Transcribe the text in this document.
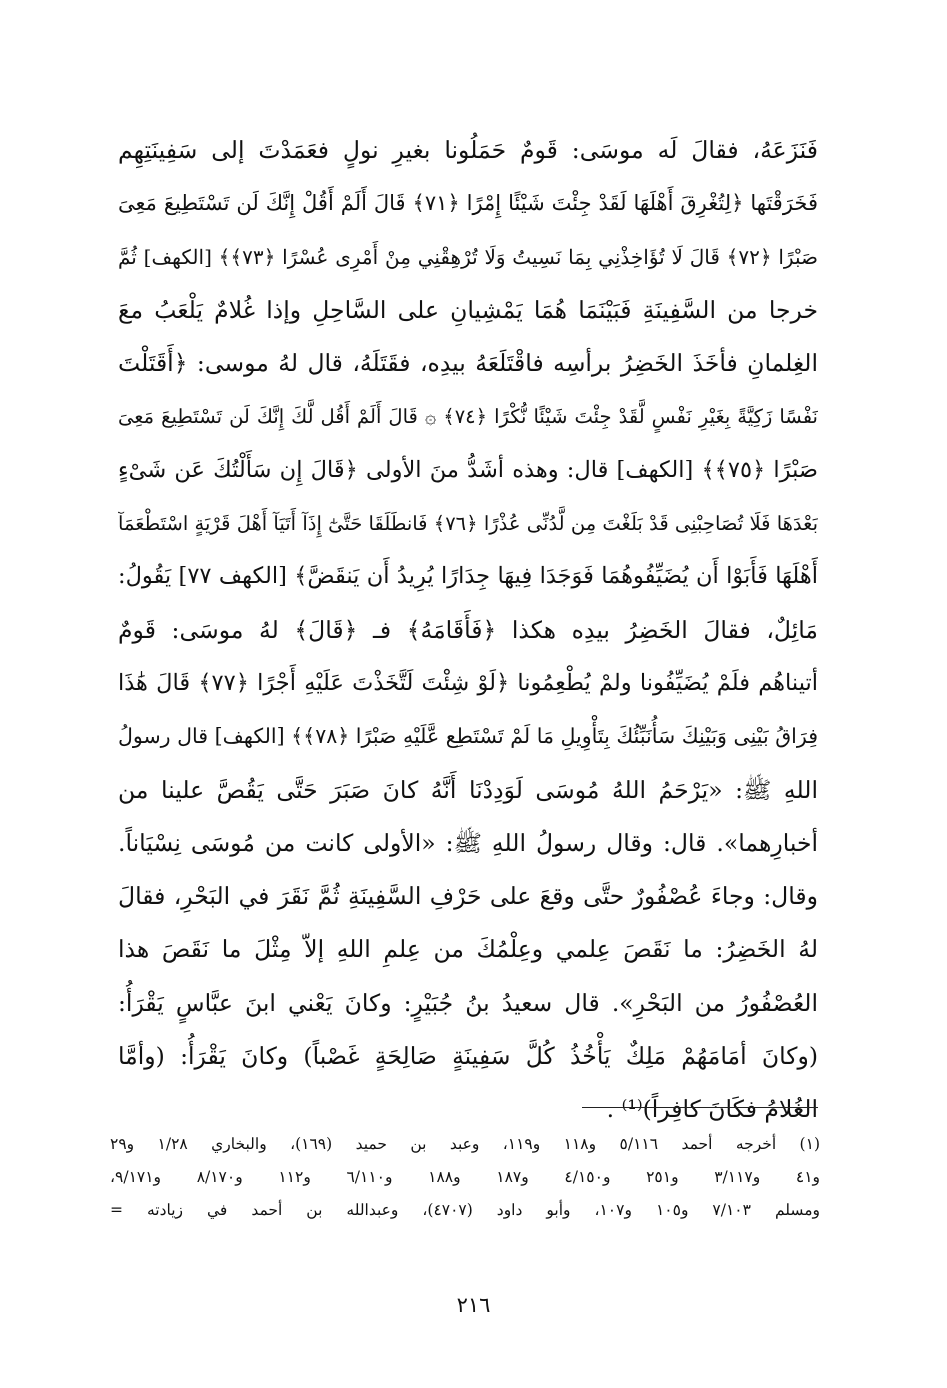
فَنَزَعَهُ، فقالَ لَه موسَى: قَومٌ حَمَلُونا بغيرِ نولٍ فعَمَدْتَ إلى سَفِينَتِهِم
فَخَرَقْتَها ﴿لِتُغْرِقَ أَهْلَهَا لَقَدْ جِئْتَ شَيْئًا إِمْرًا ﴿٧١﴾ قَالَ أَلَمْ أَقُلْ إِنَّكَ لَن تَسْتَطِيعَ مَعِىَ
صَبْرًا ﴿٧٢﴾ قَالَ لَا تُؤَاخِذْنِي بِمَا نَسِيتُ وَلَا تُرْهِقْنِي مِنْ أَمْرِى عُسْرًا ﴿٧٣﴾﴾ [الكهف] ثُمَّ
خرجا من السَّفِينَةِ فَبَيْنَمَا هُمَا يَمْشِيانِ على السَّاحِلِ وإذا غُلامٌ يَلْعَبُ معَ
الغِلمانِ فأخَذَ الخَضِرُ برأسِه فاقْتَلَعَهُ بيدِه، فقَتَلَهُ، قال لهُ موسى: ﴿أَقَتَلْتَ
نَفْسًا زَكِيَّةً بِغَيْرِ نَفْسٍ لَّقَدْ جِئْتَ شَيْئًا نُّكْرًا ﴿٧٤﴾ ۞ قَالَ أَلَمْ أَقُل لَّكَ إِنَّكَ لَن تَسْتَطِيعَ مَعِىَ
صَبْرًا ﴿٧٥﴾﴾ [الكهف] قال: وهذه أشَدُّ منَ الأولى ﴿قَالَ إِن سَأَلْتُكَ عَن شَىْءٍ
بَعْدَهَا فَلَا تُصَاحِبْنِى قَدْ بَلَغْتَ مِن لَّدُنِّى عُذْرًا ﴿٧٦﴾ فَانطَلَقَا حَتَّىٰٓ إِذَآ أَتَيَآ أَهْلَ قَرْيَةٍ اسْتَطْعَمَآ
أَهْلَهَا فَأَبَوْا أَن يُضَيِّفُوهُمَا فَوَجَدَا فِيهَا جِدَارًا يُرِيدُ أَن يَنقَضَّ﴾ [الكهف ٧٧] يَقُولُ:
مَائِلٌ، فقالَ الخَضِرُ بيدِه هكذا ﴿فَأَقَامَهُ﴾ فـ ﴿قَالَ﴾ لهُ موسَى: قَومٌ
أتيناهُم فلَمْ يُضَيِّفُونا ولمْ يُطْعِمُونا ﴿لَوْ شِئْتَ لَتَّخَذْتَ عَلَيْهِ أَجْرًا ﴿٧٧﴾ قَالَ هَٰذَا
فِرَاقُ بَيْنِى وَبَيْنِكَ سَأُنَبِّئُكَ بِتَأْوِيلِ مَا لَمْ تَسْتَطِع عَّلَيْهِ صَبْرًا ﴿٧٨﴾﴾ [الكهف] قال رسولُ
اللهِ ﷺ: «يَرْحَمُ اللهُ مُوسَى لَوَدِدْنَا أَنَّهُ كانَ صَبَرَ حَتَّى يَقُصَّ علينا من
أخبارِهما». قال: وقال رسولُ اللهِ ﷺ: «الأولى كانت من مُوسَى نِسْيَاناً.
وقال: وجاءَ عُصْفُورٌ حتَّى وقعَ على حَرْفِ السَّفِينَةِ ثُمَّ نَقَرَ في البَحْرِ، فقالَ
لهُ الخَضِرُ: ما نَقَصَ عِلمي وعِلْمُكَ من عِلمِ اللهِ إلاّ مِثْلَ ما نَقَصَ هذا
العُصْفُورُ من البَحْرِ». قال سعيدُ بنُ جُبَيْرٍ: وكانَ يَعْني ابنَ عبَّاسٍ يَقْرَأُ:
(وكانَ أمَامَهُمْ مَلِكٌ يَأْخُذُ كُلَّ سَفِينَةٍ صَالِحَةٍ غَصْباً) وكانَ يَقْرَأُ: (وأمَّا
الغُلامُ فكَانَ كافِراً)⁽¹⁾ .
(١) أخرجه أحمد ٥/١١٦ و١١٨ و١١٩، وعبد بن حميد (١٦٩)، والبخاري ١/٢٨ و٢٩
و٤١ و٣/١١٧ و٢٥١ و٤/١٥٠ و١٨٧ و١٨٨ و٦/١١٠ و١١٢ و٨/١٧٠ و٩/١٧١،
ومسلم ٧/١٠٣ و١٠٥ و١٠٧، وأبو داود (٤٧٠٧)، وعبدالله بن أحمد في زيادته =
٢١٦
